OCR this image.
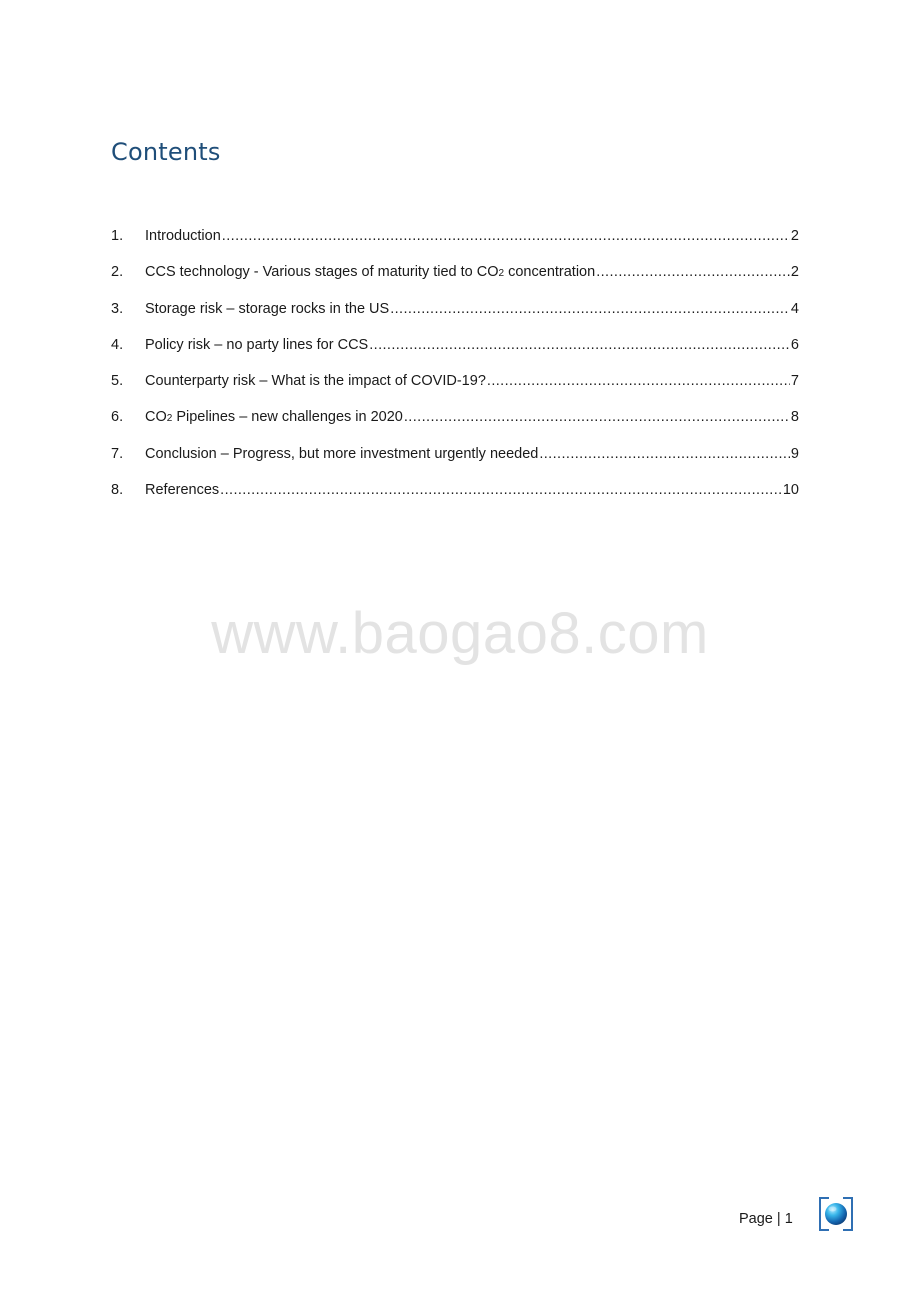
Contents
1.	Introduction .....	2
2.	CCS technology - Various stages of maturity tied to CO2 concentration .....	2
3.	Storage risk – storage rocks in the US .....	4
4.	Policy risk – no party lines for CCS .....	6
5.	Counterparty risk – What is the impact of COVID-19? .....	7
6.	CO2 Pipelines – new challenges in 2020 .....	8
7.	Conclusion – Progress, but more investment urgently needed .....	9
8.	References .....	10
www.baogao8.com
Page | 1
